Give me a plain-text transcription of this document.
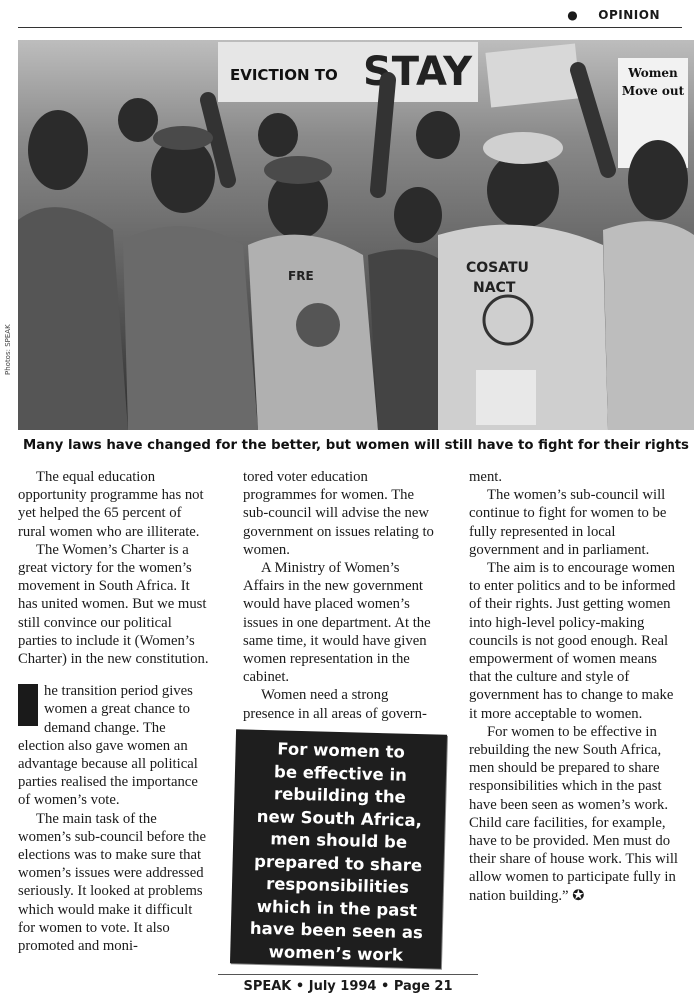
● OPINION
EVICTION TO STAY	Women
Move out
COSATU
NACT
FRE
Photos: SPEAK
Many laws have changed for the better, but women will still have to fight for their rights

The equal education opportunity programme has not yet helped the 65 percent of rural women who are illiterate.

The Women’s Charter is a great victory for the women’s movement in South Africa. It has united women. But we must still convince our political parties to include it (Women’s Charter) in the new constitution.

he transition period gives women a great chance to demand change. The election also gave women an advantage because all political parties realised the importance of women’s vote.

The main task of the women’s sub-council before the elections was to make sure that women’s issues were addressed seriously. It looked at problems which would make it difficult for women to vote. It also promoted and moni-

tored voter education programmes for women. The sub-council will advise the new government on issues relating to women.

A Ministry of Women’s Affairs in the new government would have placed women’s issues in one department. At the same time, it would have given women representation in the cabinet.

Women need a strong presence in all areas of govern-

For women to
be effective in
rebuilding the
new South Africa,
men should be
prepared to share
responsibilities
which in the past
have been seen as
women’s work

ment.

The women’s sub-council will continue to fight for women to be fully represented in local government and in parliament.

The aim is to encourage women to enter politics and to be informed of their rights. Just getting women into high-level policy-making councils is not good enough. Real empowerment of women means that the culture and style of government has to change to make it more acceptable to women.

For women to be effective in rebuilding the new South Africa, men should be prepared to share responsibilities which in the past have been seen as women’s work. Child care facilities, for example, have to be provided. Men must do their share of house work. This will allow women to participate fully in nation building.” ✪

SPEAK • July 1994 • Page 21
